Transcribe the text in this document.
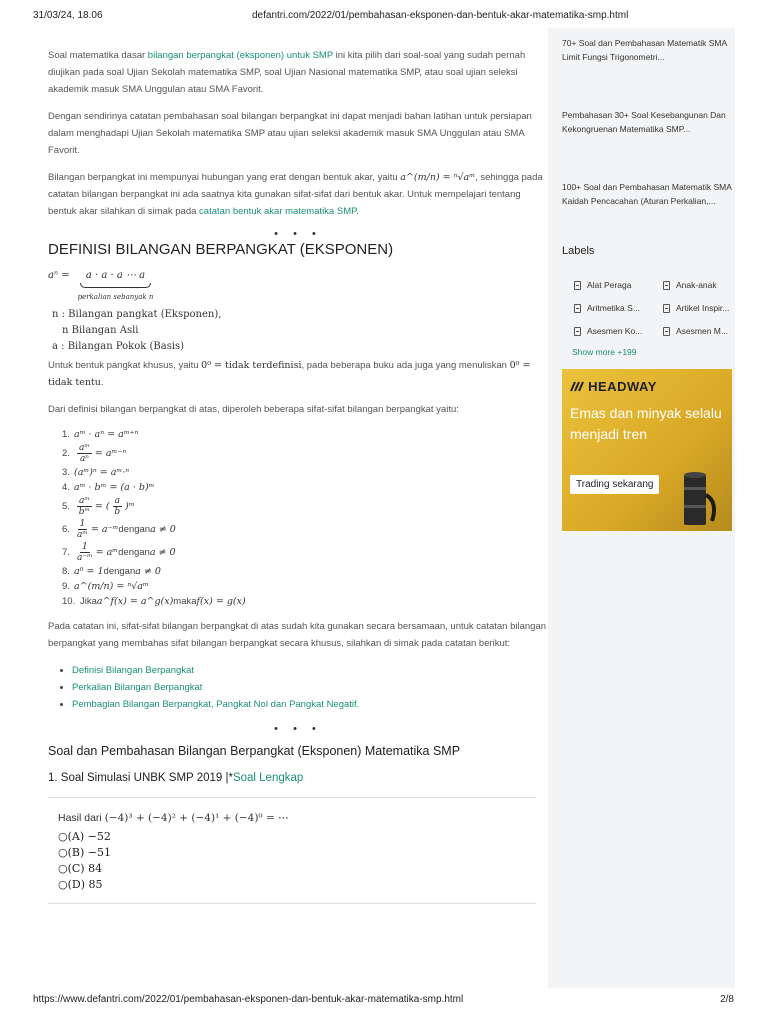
31/03/24, 18.06	defantri.com/2022/01/pembahasan-eksponen-dan-bentuk-akar-matematika-smp.html

Soal matematika dasar bilangan berpangkat (eksponen) untuk SMP ini kita pilih dari soal-soal yang sudah pernah diujikan pada soal Ujian Sekolah matematika SMP, soal Ujian Nasional matematika SMP, atau soal ujian seleksi akademik masuk SMA Unggulan atau SMA Favorit.

Dengan sendirinya catatan pembahasan soal bilangan berpangkat ini dapat menjadi bahan latihan untuk persiapan dalam menghadapi Ujian Sekolah matematika SMP atau ujian seleksi akademik masuk SMA Unggulan atau SMA Favorit.

Bilangan berpangkat ini mempunyai hubungan yang erat dengan bentuk akar, yaitu a^(m/n) = ⁿ√aᵐ, sehingga pada catatan bilangan berpangkat ini ada saatnya kita gunakan sifat-sifat dari bentuk akar. Untuk mempelajari tentang bentuk akar silahkan di simak pada catatan bentuk akar matematika SMP.

• • •
DEFINISI BILANGAN BERPANGKAT (EKSPONEN)
aⁿ =	a · a · a ⋯ a
perkalian sebanyak n
n : Bilangan pangkat (Eksponen),
n Bilangan Asli
a : Bilangan Pokok (Basis)

Untuk bentuk pangkat khusus, yaitu 0⁰ = tidak terdefinisi, pada beberapa buku ada juga yang menuliskan 0⁰ = tidak tentu.

Dari definisi bilangan berpangkat di atas, diperoleh beberapa sifat-sifat bilangan berpangkat yaitu:

1. aᵐ · aⁿ = aᵐ⁺ⁿ
2. $\frac{\text{aᵐ}}{\text{aⁿ}}$ = aᵐ⁻ⁿ
3. (aᵐ)ⁿ = aᵐ·ⁿ
4. aᵐ · bᵐ = (a · b)ᵐ
5. $\frac{\text{aᵐ}}{\text{bᵐ}}$ = ( $\frac{a}{b}$ )ᵐ
6. $\frac{1}{\text{aᵐ}}$ = a⁻ᵐ dengan a ≠ 0
7. $\frac{1}{\text{a⁻ᵐ}}$ = aᵐ dengan a ≠ 0
8. a⁰ = 1 dengan a ≠ 0
9. a^(m/n) = ⁿ√aᵐ
10. Jika a^f(x) = a^g(x) maka f(x) = g(x)

Pada catatan ini, sifat-sifat bilangan berpangkat di atas sudah kita gunakan secara bersamaan, untuk catatan bilangan berpangkat yang membahas sifat bilangan berpangkat secara khusus, silahkan di simak pada catatan berikut:

• Definisi Bilangan Berpangkat
• Perkalian Bilangan Berpangkat
• Pembagian Bilangan Berpangkat, Pangkat Nol dan Pangkat Negatif.
• • •
Soal dan Pembahasan Bilangan Berpangkat (Eksponen) Matematika SMP
1. Soal Simulasi UNBK SMP 2019 |*Soal Lengkap
Hasil dari (−4)³ + (−4)² + (−4)¹ + (−4)⁰ = ⋯
○(A) −52
○(B) −51
○(C) 84
○(D) 85
70+ Soal dan Pembahasan Matematik SMA Limit Fungsi Trigonometri...
Pembahasan 30+ Soal Kesebangunan Dan Kekongruenan Matematika SMP...
100+ Soal dan Pembahasan Matematik SMA Kaidah Pencacahan (Aturan Perkalian,...
Labels
Alat Peraga	Anak-anak
Aritmetika S...	Artikel Inspir...
Asesmen Ko...	Asesmen M...
Show more +199
HEADWAY
Emas dan minyak selalu menjadi tren
Trading sekarang
https://www.defantri.com/2022/01/pembahasan-eksponen-dan-bentuk-akar-matematika-smp.html	2/8
